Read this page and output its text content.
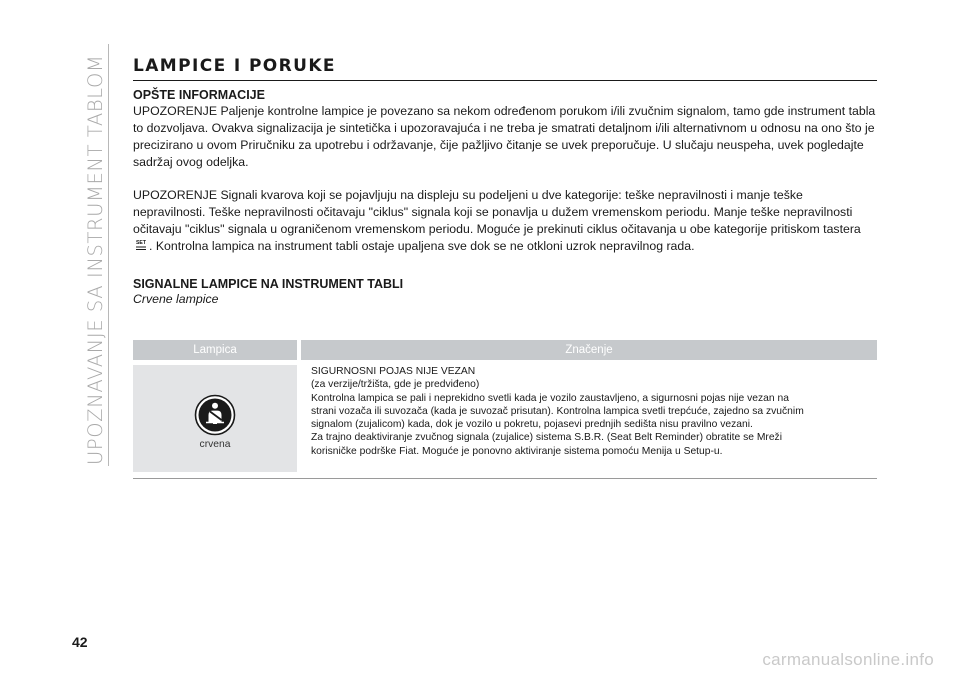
UPOZNAVANJE SA INSTRUMENT TABLOM LAMPICE I PORUKE
OPŠTE INFORMACIJE

UPOZORENJE Paljenje kontrolne lampice je povezano sa nekom određenom porukom i/ili zvučnim signalom, tamo gde instrument tabla to dozvoljava. Ovakva signalizacija je sintetička i upozoravajuća i ne treba je smatrati detaljnom i/ili alternativnom u odnosu na ono što je precizirano u ovom Priručniku za upotrebu i održavanje, čije pažljivo čitanje se uvek preporučuje. U slučaju neuspeha, uvek pogledajte sadržaj ovog odeljka.

UPOZORENJE Signali kvarova koji se pojavljuju na displeju su podeljeni u dve kategorije: teške nepravilnosti i manje teške nepravilnosti. Teške nepravilnosti očitavaju "ciklus" signala koji se ponavlja u dužem vremenskom periodu. Manje teške nepravilnosti očitavaju "ciklus" signala u ograničenom vremenskom periodu. Moguće je prekinuti ciklus očitavanja u obe kategorije pritiskom tastera
SET . Kontrolna lampica na instrument tabli ostaje upaljena sve dok se ne otkloni uzrok nepravilnog rada.

SIGNALNE LAMPICE NA INSTRUMENT TABLI
Crvene lampice
Lampica	Značenje
crvena
SIGURNOSNI POJAS NIJE VEZAN
(za verzije/tržišta, gde je predviđeno)
Kontrolna lampica se pali i neprekidno svetli kada je vozilo zaustavljeno, a sigurnosni pojas nije vezan na
strani vozača ili suvozača (kada je suvozač prisutan). Kontrolna lampica svetli trepćuće, zajedno sa zvučnim
signalom (zujalicom) kada, dok je vozilo u pokretu, pojasevi prednjih sedišta nisu pravilno vezani.
Za trajno deaktiviranje zvučnog signala (zujalice) sistema S.B.R. (Seat Belt Reminder) obratite se Mreži
korisničke podrške Fiat. Moguće je ponovno aktiviranje sistema pomoću Menija u Setup-u.
42
carmanualsonline.info
